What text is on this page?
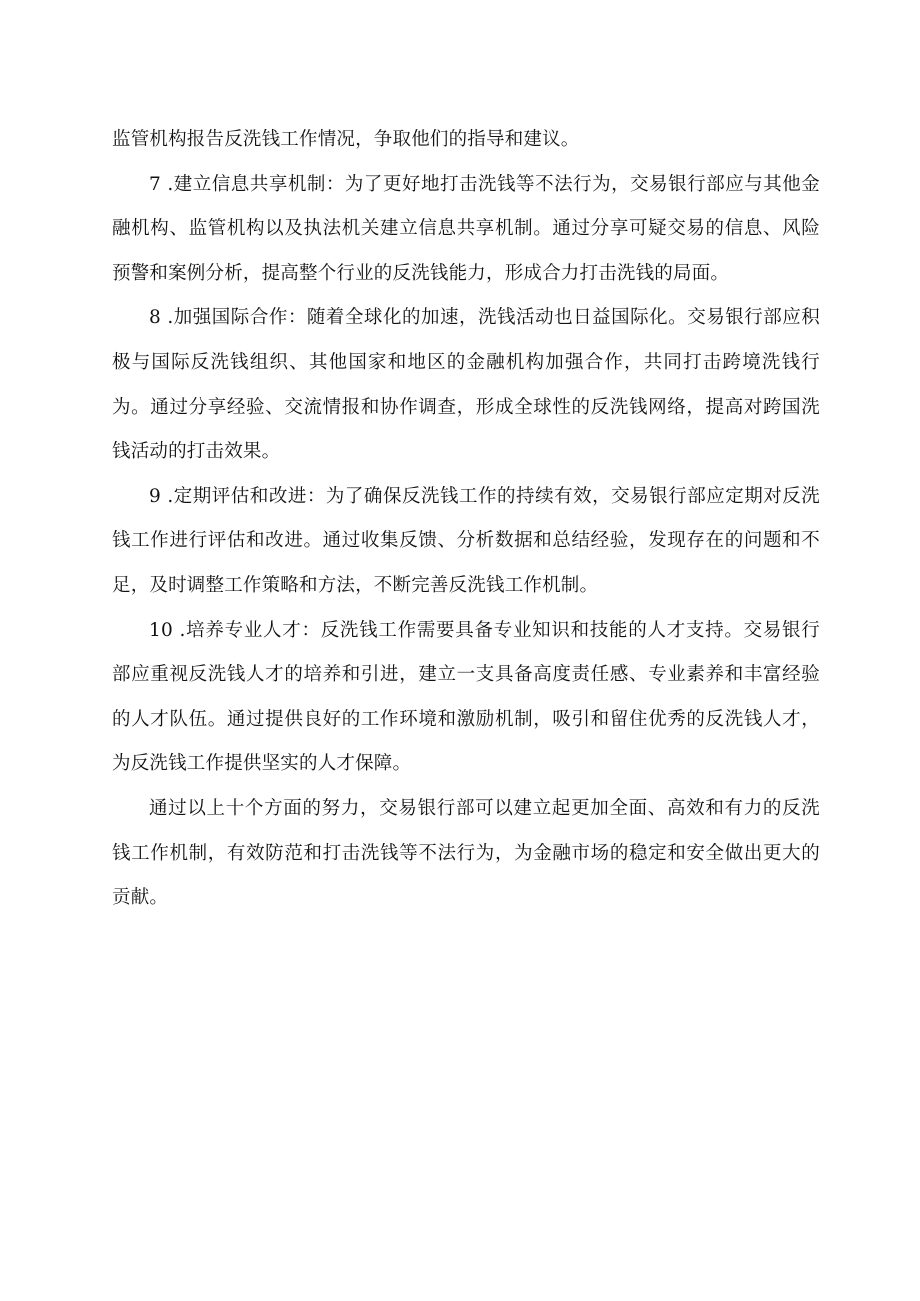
监管机构报告反洗钱工作情况，争取他们的指导和建议。

7 .建立信息共享机制：为了更好地打击洗钱等不法行为，交易银行部应与其他金融机构、监管机构以及执法机关建立信息共享机制。通过分享可疑交易的信息、风险预警和案例分析，提高整个行业的反洗钱能力，形成合力打击洗钱的局面。

8 .加强国际合作：随着全球化的加速，洗钱活动也日益国际化。交易银行部应积极与国际反洗钱组织、其他国家和地区的金融机构加强合作，共同打击跨境洗钱行为。通过分享经验、交流情报和协作调查，形成全球性的反洗钱网络，提高对跨国洗钱活动的打击效果。

9 .定期评估和改进：为了确保反洗钱工作的持续有效，交易银行部应定期对反洗钱工作进行评估和改进。通过收集反馈、分析数据和总结经验，发现存在的问题和不足，及时调整工作策略和方法，不断完善反洗钱工作机制。

10 .培养专业人才：反洗钱工作需要具备专业知识和技能的人才支持。交易银行部应重视反洗钱人才的培养和引进，建立一支具备高度责任感、专业素养和丰富经验的人才队伍。通过提供良好的工作环境和激励机制，吸引和留住优秀的反洗钱人才，为反洗钱工作提供坚实的人才保障。

通过以上十个方面的努力，交易银行部可以建立起更加全面、高效和有力的反洗钱工作机制，有效防范和打击洗钱等不法行为，为金融市场的稳定和安全做出更大的贡献。
